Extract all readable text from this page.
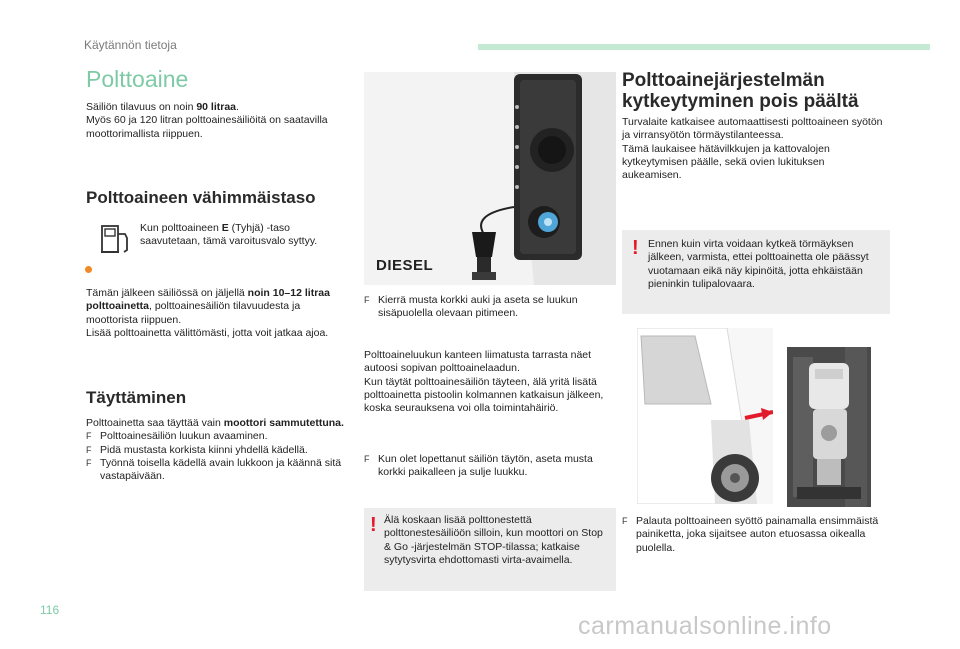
Käytännön tietoja
Polttoaine

Säiliön tilavuus on noin 90 litraa.

Myös 60 ja 120 litran polttoainesäiliöitä on saatavilla moottorimallista riippuen.

Polttoaineen vähimmäistaso

Kun polttoaineen E (Tyhjä) -taso saavutetaan, tämä varoitusvalo syttyy.

Tämän jälkeen säiliössä on jäljellä noin 10–12 litraa polttoainetta, polttoainesäiliön tilavuudesta ja moottorista riippuen.

Lisää polttoainetta välittömästi, jotta voit jatkaa ajoa.

Täyttäminen

Polttoainetta saa täyttää vain moottori sammutettuna.

F Polttoainesäiliön luukun avaaminen.
F Pidä mustasta korkista kiinni yhdellä kädellä.
F Työnnä toisella kädellä avain lukkoon ja käännä sitä vastapäivään.
DIESEL
F Kierrä musta korkki auki ja aseta se luukun sisäpuolella olevaan pitimeen.

Polttoaineluukun kanteen liimatusta tarrasta näet autoosi sopivan polttoainelaadun.

Kun täytät polttoainesäiliön täyteen, älä yritä lisätä polttoainetta pistoolin kolmannen katkaisun jälkeen, koska seurauksena voi olla toimintahäiriö.

F Kun olet lopettanut säiliön täytön, aseta musta korkki paikalleen ja sulje luukku.
! Älä koskaan lisää polttonestettä polttonestesäiliöön silloin, kun moottori on Stop & Go -järjestelmän STOP-tilassa; katkaise sytytysvirta ehdottomasti virta-avaimella.
Polttoainejärjestelmän
kytkeytyminen pois päältä

Turvalaite katkaisee automaattisesti polttoaineen syötön ja virransyötön törmäystilanteessa.

Tämä laukaisee hätävilkkujen ja kattovalojen kytkeytymisen päälle, sekä ovien lukituksen aukeamisen.

! Ennen kuin virta voidaan kytkeä törmäyksen jälkeen, varmista, ettei polttoainetta ole päässyt vuotamaan eikä näy kipinöitä, jotta ehkäistään pieninkin tulipalovaara.
F Palauta polttoaineen syöttö painamalla ensimmäistä painiketta, joka sijaitsee auton etuosassa oikealla puolella.
116
carmanualsonline.info
